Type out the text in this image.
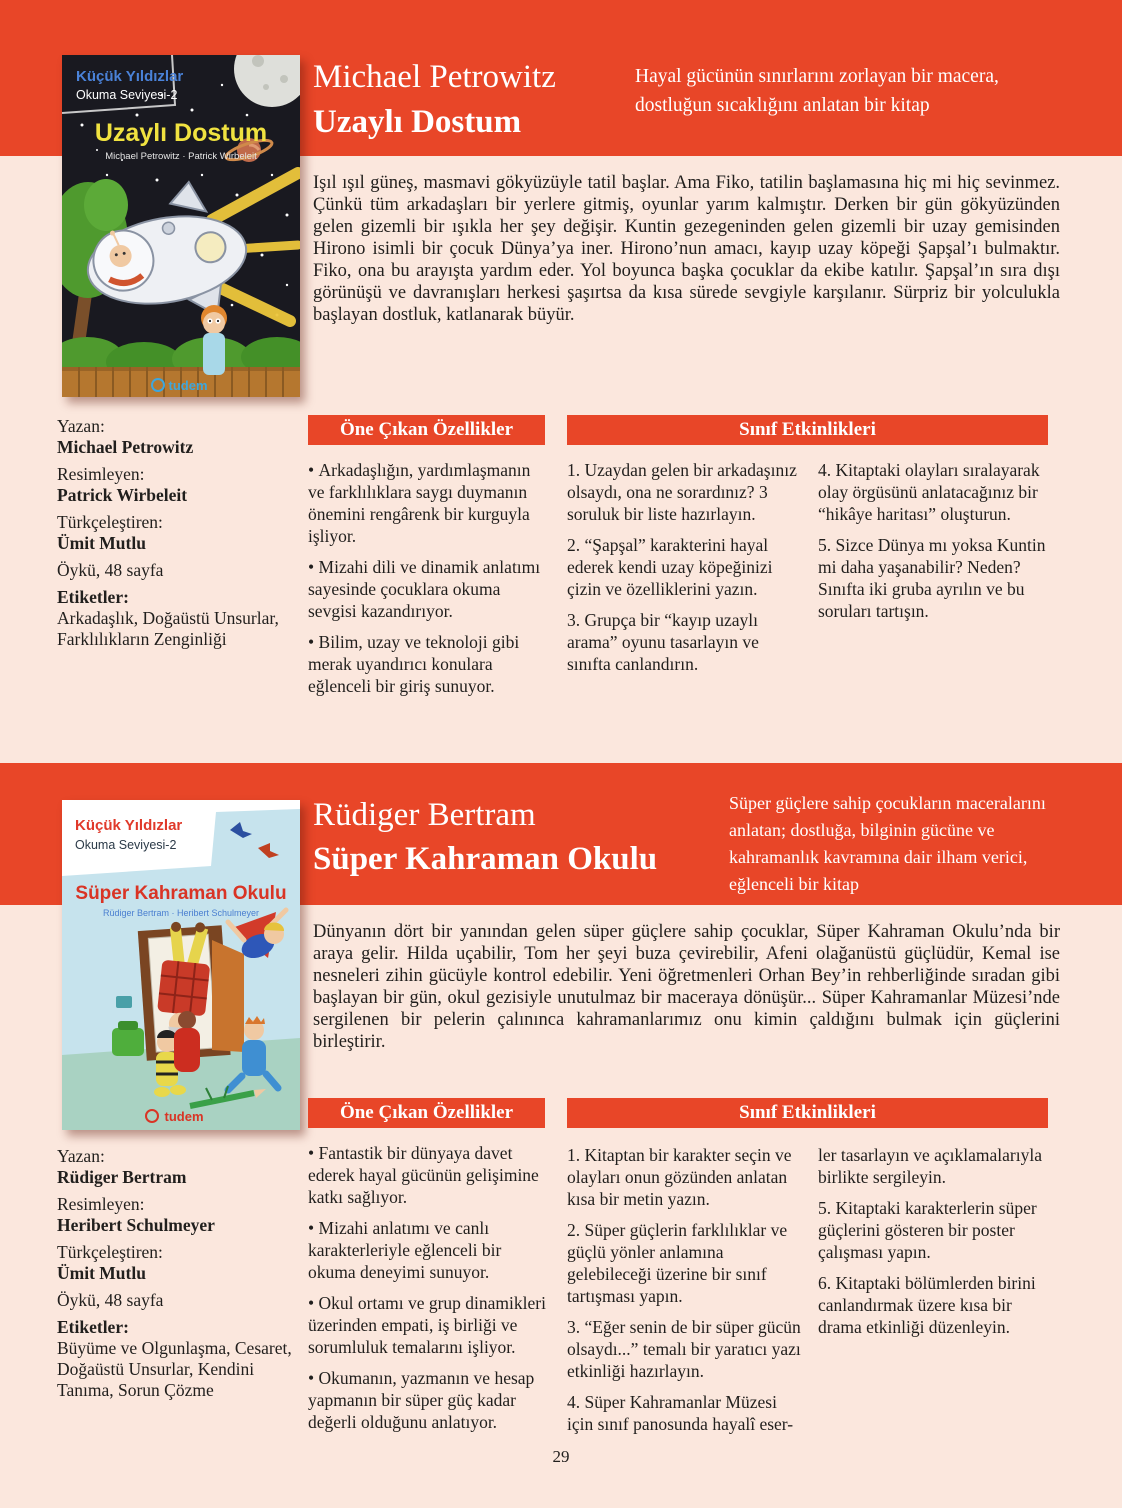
Küçük Yıldızlar
Okuma Seviyesi-2
Uzaylı Dostum
Michael Petrowitz · Patrick Wirbeleit
tudem
Küçük Yıldızlar
Okuma Seviyesi-2
Süper Kahraman Okulu
Rüdiger Bertram · Heribert Schulmeyer
tudem
Michael Petrowitz
Uzaylı Dostum
Hayal gücünün sınırlarını zorlayan bir macera, dostluğun sıcaklığını anlatan bir kitap
Işıl ışıl güneş, masmavi gökyüzüyle tatil başlar. Ama Fiko, tatilin başlamasına hiç mi hiç sevinmez. Çünkü tüm arkadaşları bir yerlere gitmiş, oyunlar yarım kalmıştır. Derken bir gün gökyüzünden gelen gizemli bir ışıkla her şey değişir. Kuntin gezegeninden gelen gizemli bir uzay gemisinden Hirono isimli bir çocuk Dünya’ya iner. Hirono’nun amacı, kayıp uzay köpeği Şapşal’ı bulmaktır. Fiko, ona bu arayışta yardım eder. Yol boyunca başka çocuklar da ekibe katılır. Şapşal’ın sıra dışı görünüşü ve davranışları herkesi şaşırtsa da kısa sürede sevgiyle karşılanır. Sürpriz bir yolculukla başlayan dostluk, katlanarak büyür.
Yazan:
Michael Petrowitz
Resimleyen:
Patrick Wirbeleit
Türkçeleştiren:
Ümit Mutlu
Öykü, 48 sayfa
Etiketler:
Arkadaşlık, Doğaüstü Unsurlar, Farklılıkların Zenginliği
Öne Çıkan Özellikler	Sınıf Etkinlikleri
• Arkadaşlığın, yardımlaşmanın ve farklılıklara saygı duymanın önemini rengârenk bir kurguyla işliyor.
• Mizahi dili ve dinamik anlatımı sayesinde çocuklara okuma sevgisi kazandırıyor.
• Bilim, uzay ve teknoloji gibi merak uyandırıcı konulara eğlenceli bir giriş sunuyor.
1. Uzaydan gelen bir arkadaşınız olsaydı, ona ne sorardınız? 3 soruluk bir liste hazırlayın.
2. “Şapşal” karakterini hayal ederek kendi uzay köpeğinizi çizin ve özelliklerini yazın.
3. Grupça bir “kayıp uzaylı arama” oyunu tasarlayın ve sınıfta canlandırın.
4. Kitaptaki olayları sıralayarak olay örgüsünü anlatacağınız bir “hikâye haritası” oluşturun.
5. Sizce Dünya mı yoksa Kuntin mi daha yaşanabilir? Neden? Sınıfta iki gruba ayrılın ve bu soruları tartışın.
Rüdiger Bertram
Süper Kahraman Okulu
Süper güçlere sahip çocukların maceralarını anlatan; dostluğa, bilginin gücüne ve kahramanlık kavramına dair ilham verici, eğlenceli bir kitap
Dünyanın dört bir yanından gelen süper güçlere sahip çocuklar, Süper Kahraman Okulu’nda bir araya gelir. Hilda uçabilir, Tom her şeyi buza çevirebilir, Afeni olağanüstü güçlüdür, Kemal ise nesneleri zihin gücüyle kontrol edebilir. Yeni öğretmenleri Orhan Bey’in rehberliğinde sıradan gibi başlayan bir gün, okul gezisiyle unutulmaz bir maceraya dönüşür... Süper Kahramanlar Müzesi’nde sergilenen bir pelerin çalınınca kahramanlarımız onu kimin çaldığını bulmak için güçlerini birleştirir.
Yazan:
Rüdiger Bertram
Resimleyen:
Heribert Schulmeyer
Türkçeleştiren:
Ümit Mutlu
Öykü, 48 sayfa
Etiketler:
Büyüme ve Olgunlaşma, Cesaret, Doğaüstü Unsurlar, Kendini Tanıma, Sorun Çözme
Öne Çıkan Özellikler	Sınıf Etkinlikleri
• Fantastik bir dünyaya davet ederek hayal gücünün gelişimine katkı sağlıyor.
• Mizahi anlatımı ve canlı karakterleriyle eğlenceli bir okuma deneyimi sunuyor.
• Okul ortamı ve grup dinamikleri üzerinden empati, iş birliği ve sorumluluk temalarını işliyor.
• Okumanın, yazmanın ve hesap yapmanın bir süper güç kadar değerli olduğunu anlatıyor.
1. Kitaptan bir karakter seçin ve olayları onun gözünden anlatan kısa bir metin yazın.
2. Süper güçlerin farklılıklar ve güçlü yönler anlamına gelebileceği üzerine bir sınıf tartışması yapın.
3. “Eğer senin de bir süper gücün olsaydı...” temalı bir yaratıcı yazı etkinliği hazırlayın.
4. Süper Kahramanlar Müzesi için sınıf panosunda hayalî eser-
ler tasarlayın ve açıklamalarıyla birlikte sergileyin.
5. Kitaptaki karakterlerin süper güçlerini gösteren bir poster çalışması yapın.
6. Kitaptaki bölümlerden birini canlandırmak üzere kısa bir drama etkinliği düzenleyin.
29
